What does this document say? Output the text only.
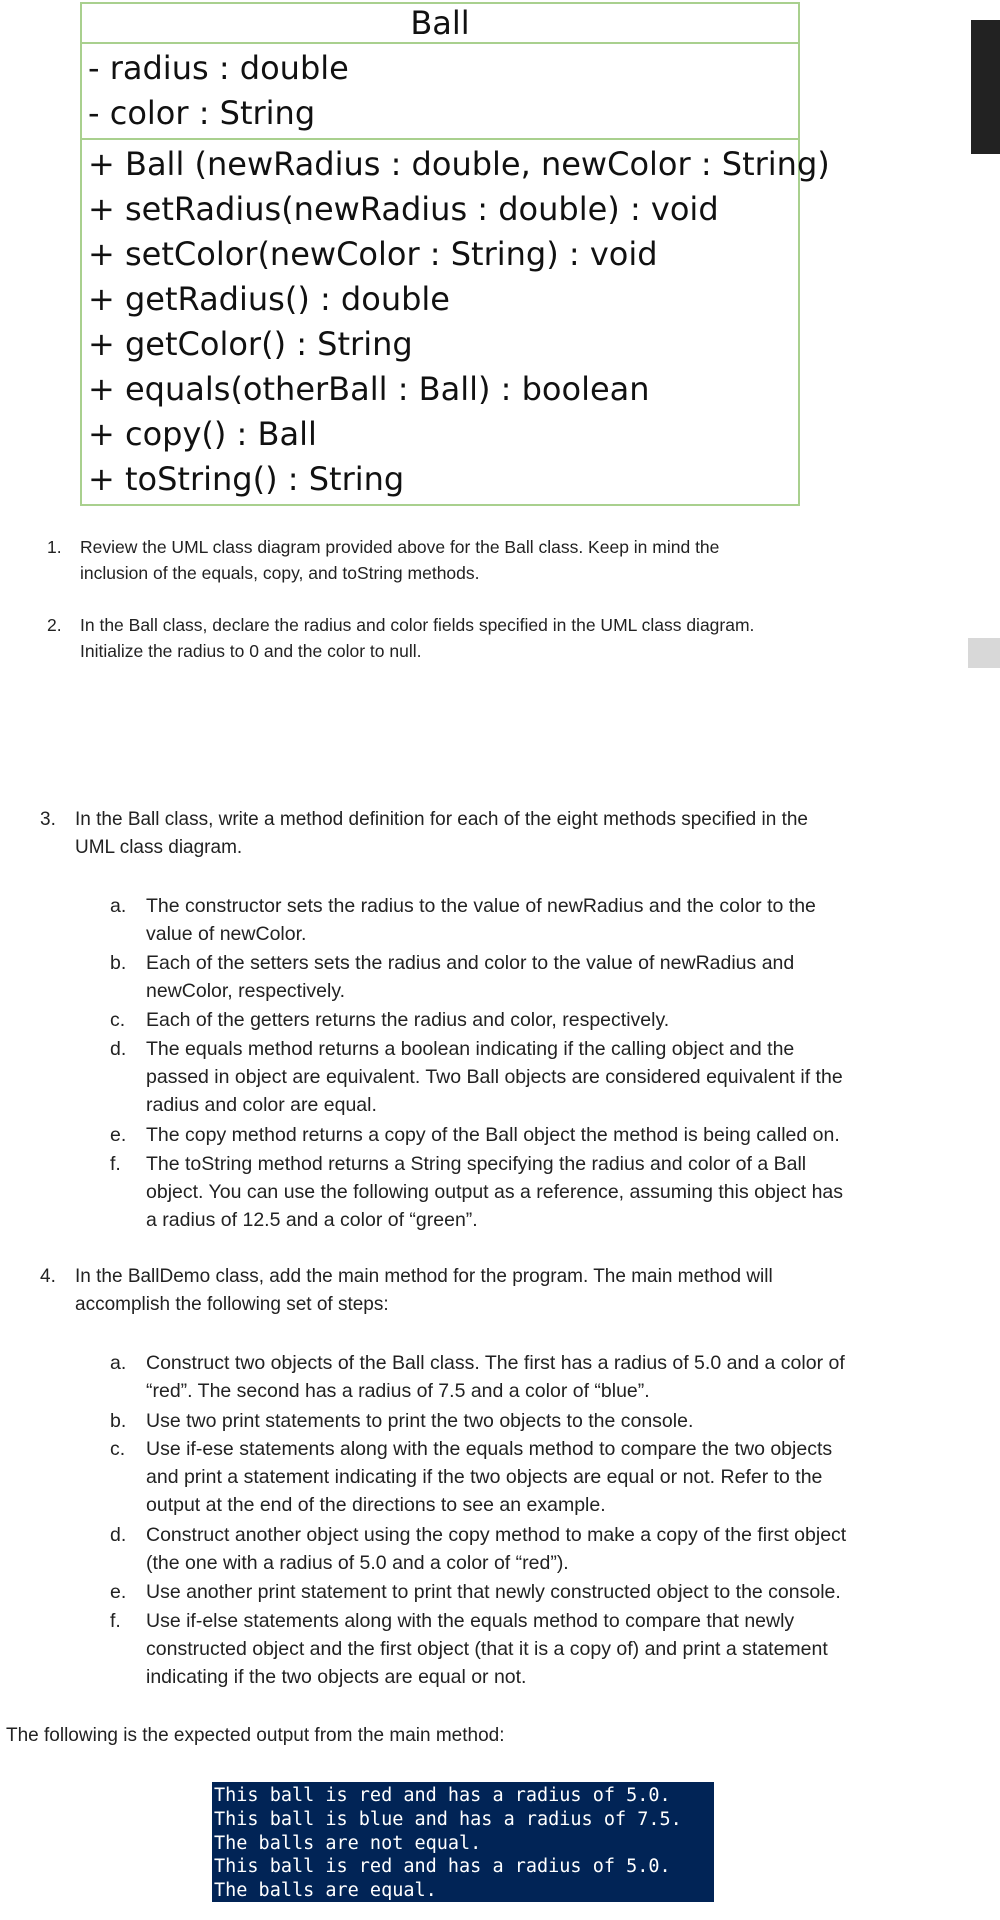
Ball
- radius : double
- color : String
+ Ball (newRadius : double, newColor : String)
+ setRadius(newRadius : double) : void
+ setColor(newColor : String) : void
+ getRadius() : double
+ getColor() : String
+ equals(otherBall : Ball) : boolean
+ copy() : Ball
+ toString() : String
1. Review the UML class diagram provided above for the Ball class. Keep in mind the
inclusion of the equals, copy, and toString methods.
2. In the Ball class, declare the radius and color fields specified in the UML class diagram.
Initialize the radius to 0 and the color to null.
3. In the Ball class, write a method definition for each of the eight methods specified in the
UML class diagram.
a. The constructor sets the radius to the value of newRadius and the color to the
value of newColor.
b. Each of the setters sets the radius and color to the value of newRadius and
newColor, respectively.
c. Each of the getters returns the radius and color, respectively.
d. The equals method returns a boolean indicating if the calling object and the
passed in object are equivalent. Two Ball objects are considered equivalent if the
radius and color are equal.
e. The copy method returns a copy of the Ball object the method is being called on.
f. The toString method returns a String specifying the radius and color of a Ball
object. You can use the following output as a reference, assuming this object has
a radius of 12.5 and a color of “green”.
4. In the BallDemo class, add the main method for the program. The main method will
accomplish the following set of steps:
a. Construct two objects of the Ball class. The first has a radius of 5.0 and a color of
“red”. The second has a radius of 7.5 and a color of “blue”.
b. Use two print statements to print the two objects to the console.
c. Use if-ese statements along with the equals method to compare the two objects
and print a statement indicating if the two objects are equal or not. Refer to the
output at the end of the directions to see an example.
d. Construct another object using the copy method to make a copy of the first object
(the one with a radius of 5.0 and a color of “red”).
e. Use another print statement to print that newly constructed object to the console.
f. Use if-else statements along with the equals method to compare that newly
constructed object and the first object (that it is a copy of) and print a statement
indicating if the two objects are equal or not.
The following is the expected output from the main method:
This ball is red and has a radius of 5.0.
This ball is blue and has a radius of 7.5.
The balls are not equal.
This ball is red and has a radius of 5.0.
The balls are equal.
